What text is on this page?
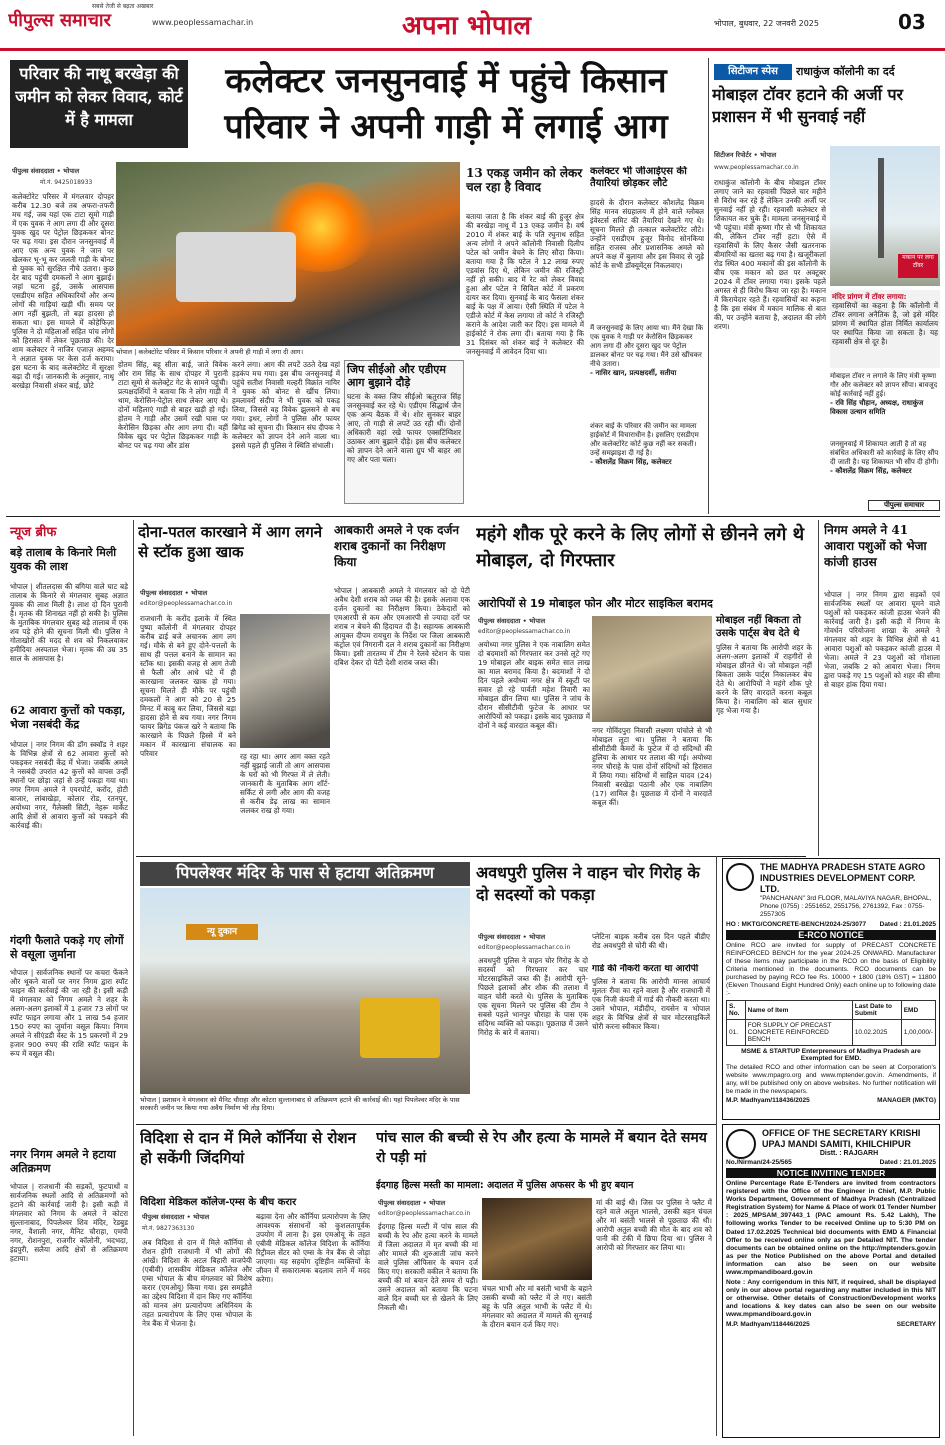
पीपुल्स समाचार
सबसे तेजी से बढ़ता अखबार
www.peoplessamachar.in	अपना भोपाल	भोपाल, बुधवार, 22 जनवरी 2025	03
परिवार की नाथू बरखेड़ा की जमीन को लेकर विवाद, कोर्ट में है मामला
कलेक्टर जनसुनवाई में पहुंचे किसान परिवार ने अपनी गाड़ी में लगाई आग
पीपुल्स संवाददाता • भोपाल
मो.नं. 9425018933
कलेक्टोरेट परिसर में मंगलवार दोपहर करीब 12.30 बजे तब अफरा-तफरी मच गई, जब यहां एक टाटा सूमो गाड़ी में एक युवक ने आग लगा दी और दूसरा युवक खुद पर पेट्रोल छिड़ककर बोनट पर चढ़ गया। इस दौरान जनसुनवाई में आए एक अन्य युवक ने जान पर खेलकर भू-भू कर जलती गाड़ी के बोनट से युवक को सुरक्षित नीचे उतारा। कुछ देर बाद पहुंची दमकलों ने आग बुझाई। जहां घटना हुई, उसके आसपास एसडीएम सहित अधिकारियों और अन्य लोगों की गाड़ियां खड़ी थीं। समय पर आग नहीं बुझती, तो बड़ा हादसा हो सकता था। इस मामले में कोहेफिज़ा पुलिस ने दो महिलाओं सहित पांच लोगों को हिरासत में लेकर पूछताछ की। देर शाम कलेक्टर ने नाजिर एजाज़ अहमद ने अज्ञात युवक पर केस दर्ज कराया। इस घटना के बाद कलेक्टोरेट में सुरक्षा बढ़ा दी गई। जानकारी के अनुसार, नाथू बरखेड़ा निवासी शंकर बाई, छोटे
भोपाल | कलेक्टोरेट परिसर में किसान परिवार ने अपनी ही गाड़ी में लगा दी आग।
होतम सिंह, बहू सीता बाई, जाते विवेक और राम सिंह के साथ दोपहर में पुरानी टाटा सूमो से कलेक्ट्रेट गेट के सामने पहुंची। प्रत्यक्षदर्शियों ने बताया कि ने लोग गाड़ी में थाम, केरोसिन-पेट्रोल साथ लेकर आए थे। दोनों महिलाएं गाड़ी से बाहर खड़ी हो गईं। होतम ने गाड़ी और उसमें रखी घास पर केरोसिन छिड़का और आग लगा दी। वहीं विवेक खुद पर पेट्रोल छिड़ककर गाड़ी के बोनट पर चढ़ गया और डांस
करने लगा। आग की लपटें उठते देख वहां हड़कंप मच गया। इस बीच जनसुनवाई में पहुंचे सतीश निवासी मल्हरी विक्रांत नायिर ने युवक को बोनट से खींच लिया। हमलावरों संदीप ने भी युवक को पकड़ लिया, जिससे वह विवेक झुलसने से बच गया। इधर, लोगों ने पुलिस और फायर ब्रिगेड को सूचना दी। किसान संघ दीपक ने कलेक्टर को ज्ञापन देने आने वाला था। इससे पहले ही पुलिस ने स्थिति संभाली।
जिप सीईओ और एडीएम आग बुझाने दौड़े
घटना के वक्त जिप सीईओ ऋतुराज सिंह जनसुनवाई कर रहे थे। एडीएम सिद्धार्थ जैन एक अन्य बैठक में थे। शोर सुनकर बाहर आए, तो गाड़ी से लपटें उठ रही थीं। दोनों अधिकारी वहां रखे फायर एक्सटिंग्विशर उठाकर आग बुझाने दौड़े। इस बीच कलेक्टर को ज्ञापन देने आने वाला ग्रुप भी बाहर आ गए और पता चला।
13 एकड़ जमीन को लेकर चल रहा है विवाद
बताया जाता है कि शंकर बाई की हुजूर क्षेत्र की बरखेड़ा नाथू में 13 एकड़ जमीन है। वर्ष 2010 में शंकर बाई के पति रघुनाथ सहित अन्य लोगों ने अपने कॉलोनी निवासी दिलीप पटेल को जमीन बेचने के लिए सौदा किया। बताया गया है कि पटेल ने 12 लाख रुपए एडवांस दिए थे, लेकिन जमीन की रजिस्ट्री नहीं हो सकी। बाद में रेट को लेकर विवाद हुआ और पटेल ने सिविल कोर्ट में प्रकरण दायर कर दिया। सुनवाई के बाद फैसला शंकर बाई के पक्ष में आया। ऐसी स्थिति में पटेल ने एडीजे कोर्ट में केस लगाया तो कोर्ट ने रजिस्ट्री कराने के आदेश जारी कर दिए। इस मामले में हाईकोर्ट ने रोक लगा दी। बताया गया है कि 31 दिसंबर को शंकर बाई ने कलेक्टर की जनसुनवाई में आवेदन दिया था।
कलेक्टर भी जीआईएस की तैयारियां छोड़कर लौटे
हादसे के दौरान कलेक्टर कौशलेंद्र विक्रम सिंह मानव संग्रहालय में होने वाले ग्लोबल इंवेस्टर्स समिट की तैयारियां देखने गए थे। सूचना मिलते ही तत्काल कलेक्टोरेट लौटे। उन्होंने एसडीएम हुजूर विनोद सोनकिया सहित राजस्व और प्रशासनिक अमले को अपने कक्ष में बुलाया और इस विवाद से जुड़े कोर्ट के सभी डॉक्यूमेंट्स निकलवाए।
मैं जनसुनवाई के लिए आया था। मैंने देखा कि एक युवक ने गाड़ी पर केरोसिन छिड़ककर आग लगा दी और दूसरा खुद पर पेट्रोल डालकर बोनट पर चढ़ गया। मैंने उसे खींचकर नीचे उतारा।
- नासिर खान, प्रत्यक्षदर्शी, सतीया
शंकर बाई के परिवार की जमीन का मामला हाईकोर्ट में विचाराधीन है। इसलिए एसडीएम और कलेक्टोरेट कोर्ट कुछ नहीं कर सकती। उन्हें समझाइश दी गई है।
- कौशलेंद्र विक्रम सिंह, कलेक्टर
सिटीजन स्पेस	राधाकुंज कॉलोनी का दर्द
मोबाइल टॉवर हटाने की अर्जी पर प्रशासन में भी सुनवाई नहीं
सिटीजन रिपोर्टर • भोपाल
www.peoplessamachar.co.in
राधाकुंज कॉलोनी के बीच मोबाइल टॉवर लगाए जाने का रहवासी पिछले चार महीने से विरोध कर रहे हैं लेकिन उनकी अर्जी पर सुनवाई नहीं हो रही। रहवासी कलेक्टर से शिकायत कर चुके हैं। मामला जनसुनवाई में भी पहुंचा। मंत्री कृष्णा गौर से भी शिकायत की, लेकिन टॉवर नहीं हटा। ऐसे में रहवासियों के लिए कैसर जैसी खतरनाक बीमारियों का खतरा बढ़ गया है। खजूरीकलां रोड स्थित 400 मकानों की इस कॉलोनी के बीच एक मकान को छत पर अक्टूबर 2024 में टॉवर लगाया गया। इसके पहले अगस्त से ही विरोध किया जा रहा है। मकान में किरायेदार रहते हैं। रहवासियों का कहना है कि इस संबंध में मकान मालिक से बात की, पर उन्होंने बताया है, अदालत की लोगे शरण।
मकान पर लगा टॉवर
मंदिर प्रांगण में टॉवर लगाया:
रहवासियों का कहना है कि कॉलोनी में टॉवर लगाना अनैतिक है, जो इसे मंदिर प्रांगण में स्थापित होता निर्मित कार्यालय पर स्थापित किया जा सकता है। यह रहवासी क्षेत्र से दूर है।
मोबाइल टॉवर न लगाने के लिए मंत्री कृष्णा गौर और कलेक्टर को ज्ञापन सौंपा। बावजूद कोई कार्रवाई नहीं हुई।
- रवि सिंह चौहान, अध्यक्ष, राधाकुंज विकास उत्थान समिति
जनसुनवाई में शिकायत आती है तो वह संबंधित अधिकारी को कार्रवाई के लिए सौंप दी जाती है। यह शिकायत भी सौंप दी होगी।
- कौशलेंद्र विक्रम सिंह, कलेक्टर
पीपुल्स समाचार
न्यूज ब्रीफ
बड़े तालाब के किनारे मिली युवक की लाश
भोपाल | शीतलदास की बगिया वाले घाट बड़े तालाब के किनारे से मंगलवार सुबह अज्ञात युवक की लाश मिली है। लाश दो दिन पुरानी है। मृतक की शिनाख्त नहीं हो सकी है। पुलिस के मुताबिक मंगलवार सुबह बड़े तालाब में एक शव पड़े होने की सूचना मिली थी। पुलिस ने गोताखोरों की मदद से शव को निकलवाकर हमीदिया अस्पताल भेजा। मृतक की उम्र 35 साल के आसपास है।
62 आवारा कुत्तों को पकड़ा, भेजा नसबंदी केंद्र
भोपाल | नगर निगम की डॉग स्क्वॉड ने शहर के विभिन्न क्षेत्रों से 62 आवारा कुत्तों को पकड़कर नसबंदी केंद्र में भेजा। जबकि अमले ने नसबंदी उपरांत 42 कुत्तों को वापस उन्हीं स्थानों पर छोड़ा जहां से उन्हें पकड़ा गया था। नगर निगम अमले ने एयरपोर्ट, करोंद, होटी बाजार, लांबाखेड़ा, कोलार रोड, रतनपुर, अयोध्या नगर, गैलेक्सी सिटी, नेहरू मार्केट आदि क्षेत्रों से आवारा कुत्तों को पकड़ने की कार्रवाई की।
गंदगी फैलाते पकड़े गए लोगों से वसूला जुर्माना
भोपाल | सार्वजनिक स्थानों पर कचरा फेंकने और थूकने वालों पर नगर निगम द्वारा स्पॉट फाइन की कार्रवाई की जा रही है। इसी कड़ी में मंगलवार को निगम अमले ने शहर के अलग-अलग इलाकों में 1 हजार 73 लोगों पर स्पॉट फाइन लगाया और 1 लाख 54 हजार 150 रुपए का जुर्माना वसूल किया। निगम अमले ने सीएंडडी वेस्ट के 15 प्रकरणों में 29 हजार 900 रुपए की राशि स्पॉट फाइन के रूप में वसूल की।
नगर निगम अमले ने हटाया अतिक्रमण
भोपाल | राजधानी की सड़कों, फुटपाथों व सार्वजनिक स्थलों आदि से अतिक्रमणों को हटाने की कार्रवाई जारी है। इसी कड़ी में मंगलवार को निगम के अमले ने कोटरा सुल्तानाबाद, पिपलेश्वर शिव मंदिर, रेडबुड नगर, वैशाली नगर, मैनिट चौराहा, एमपी नगर, रोशनपुरा, राजगीर कॉलोनी, भदभदा, इंद्रपुरी, सलैया आदि क्षेत्रों से अतिक्रमण हटाया।
दोना-पतल कारखाने में आग लगने से स्टॉक हुआ खाक
पीपुल्स संवाददाता • भोपाल
editor@peoplessamachar.co.in
राजधानी के करोंद इलाके में स्थित पुष्पा कॉलोनी में मंगलवार दोपहर करीब ढाई बजे अचानक आग लग गई। मौके से बने हुए दोने-पत्तलों के साथ ही पत्तल बनाने के सामान का स्टॉक था। इसकी वजह से आग तेजी से फैली और आधे घंटे में ही कारखाना जलकर खाक हो गया। सूचना मिलते ही मौके पर पहुंची दमकलों ने आग को 20 से 25 मिनट में काबू कर लिया, जिससे बड़ा हादसा होने से बच गया। नगर निगम फायर ब्रिगेड पंकज खरे ने बताया कि कारखाने के पिछले हिस्से में बने मकान में कारखाना संचालक का परिवार	रह रहा था। अगर आग वक्त रहते नहीं बुझाई जाती तो आग आसपास के घरों को भी गिरफ्त में ले लेती। जानकारी के मुताबिक आग शॉर्ट-सर्किट से लगी और आग की वजह से करीब डेढ़ लाख का सामान जलकर राख हो गया।
आबकारी अमले ने एक दर्जन शराब दुकानों का निरीक्षण किया
भोपाल | आबकारी अमले ने मंगलवार को दो पेटी अवैध देशी शराब को जब्त की है। इसके अलावा एक दर्जन दुकानों का निरीक्षण किया। ठेकेदारों को एमआरपी से कम और एमआरपी से ज्यादा दरों पर शराब न बेचने की हिदायत दी है। सहायक आबकारी आयुक्त दीपम रायचुरा के निर्देश पर जिला आबकारी कंट्रोल एवं निगरानी दल ने शराब दुकानों का निरीक्षण किया। इसी तारतम्य में टीम ने रेलवे स्टेशन के पास दबिश देकर दो पेटी देशी शराब जब्त की।
महंगे शौक पूरे करने के लिए लोगों से छीनने लगे थे मोबाइल, दो गिरफ्तार
आरोपियों से 19 मोबाइल फोन और मोटर साइकिल बरामद
पीपुल्स संवाददाता • भोपाल
editor@peoplessamachar.co.in
अयोध्या नगर पुलिस ने एक नाबालिग समेत दो बदमाशों को गिरफ्तार कर उनसे लूटे गए 19 मोबाइल और बाइक समेत सात लाख का माल बरामद किया है। बदमाशों ने दो दिन पहले अयोध्या नगर क्षेत्र में स्कूटी पर सवार हो रहे पार्वती महेश तिवारी का मोबाइल छीन लिया था। पुलिस ने जांच के दौरान सीसीटीवी फुटेज के आधार पर आरोपियों को पकड़ा। इसके बाद पूछताछ में दोनों ने कई वारदात कबूल कीं।
नगर गोविंदपुरा निवासी लक्ष्मण पांचोले से भी मोबाइल लूटा था। पुलिस ने बताया कि सीसीटीवी कैमरों के फुटेज में दो संदिग्धों की हुलिया के आधार पर तलाश की गई। अयोध्या नगर चौराहे के पास दोनों संदिग्धों को हिरासत में लिया गया। संदिग्धों में साहिल यादव (24) निवासी बरखेड़ा पठानी और एक नाबालिग (17) शामिल है। पूछताछ में दोनों ने वारदातें कबूल कीं।
मोबाइल नहीं बिकता तो उसके पार्ट्स बेच देते थे
पुलिस ने बताया कि आरोपी शहर के अलग-अलग इलाकों में राहगीरों से मोबाइल छीनते थे। जो मोबाइल नहीं बिकता उसके पार्ट्स निकालकर बेच देते थे। आरोपियों ने महंगे शौक पूरे करने के लिए वारदातें करना कबूल किया है। नाबालिग को बाल सुधार गृह भेजा गया है।
निगम अमले ने 41 आवारा पशुओं को भेजा कांजी हाउस
भोपाल | नगर निगम द्वारा सड़कों एवं सार्वजनिक स्थलों पर आवारा घूमने वाले पशुओं को पकड़कर कांजी हाउस भेजने की कार्रवाई जारी है। इसी कड़ी में निगम के गोवर्धन परियोजना शाखा के अमले ने मंगलवार को शहर के विभिन्न क्षेत्रों से 41 आवारा पशुओं को पकड़कर कांजी हाउस में भेजा। अमले ने 23 पशुओं को गोशाला भेजा, जबकि 2 को आवारा भेजा। निगम द्वारा पकड़े गए 15 पशुओं को शहर की सीमा से बाहर हांक दिया गया।
पिपलेश्वर मंदिर के पास से हटाया अतिक्रमण
न्यू दुकान
भोपाल | प्रशासन ने मंगलवार को मैनिट चौराहा और कोटरा सुल्तानाबाद से अतिक्रमण हटाने की कार्रवाई की। यहां पिपलेश्वर मंदिर के पास सरकारी जमीन पर किया गया अवैध निर्माण भी तोड़ दिया।
अवधपुरी पुलिस ने वाहन चोर गिरोह के दो सदस्यों को पकड़ा
पीपुल्स संवाददाता • भोपाल
editor@peoplessamachar.co.in
अवधपुरी पुलिस ने वाहन चोर गिरोह के दो सदस्यों को गिरफ्तार कर चार मोटरसाइकिलें जब्त की हैं। आरोपी सूने-पिछले इलाकों और शौक की तलाश में वाहन चोरी करते थे। पुलिस के मुताबिक एक सूचना मिलने पर पुलिस की टीम ने सबसे पहले भानपुर चौराहा के पास एक संदिग्ध व्यक्ति को पकड़ा। पूछताछ में उसने गिरोह के बारे में बताया।
प्लेटिना बाइक करीब दस दिन पहले बीडीए रोड अवधपुरी से चोरी की थी।
गार्ड की नौकरी करता था आरोपी
पुलिस ने बताया कि आरोपी मानस आचार्य मूलतः रीवा का रहने वाला है और राजधानी में एक निजी कंपनी में गार्ड की नौकरी करता था। उसने भोपाल, मंडीदीप, रायसेन व भोपाल शहर के विभिन्न क्षेत्रों से चार मोटरसाइकिलें चोरी करना स्वीकार किया।
विदिशा से दान में मिले कॉर्निया से रोशन हो सकेंगी जिंदगियां
विदिशा मेडिकल कॉलेज-एम्स के बीच करार
पीपुल्स संवाददाता • भोपाल
मो.नं. 9827363130
अब विदिशा से दान में मिले कॉर्निया से रोशन होंगी राजधानी में भी लोगों की आंखें। विदिशा के अटल बिहारी वाजपेयी (एबीवी) शासकीय मेडिकल कॉलेज और एम्स भोपाल के बीच मंगलवार को विशेष करार (एमओयू) किया गया। इस समझौते का उद्देश्य विदिशा में दान किए गए कॉर्निया को मानव अंग प्रत्यारोपण अधिनियम के तहत प्रत्यारोपण के लिए एम्स भोपाल के नेत्र बैंक में भेजना है।
बढ़ावा देना और कॉर्निया प्रत्यारोपण के लिए आवश्यक संसाधनों को कुशलतापूर्वक उपयोग में लाना है। इस एमओयू के तहत एबीवी मेडिकल कॉलेज विदिशा के कॉर्निया रिट्रीवल सेंटर को एम्स के नेत्र बैंक से जोड़ा जाएगा। यह सहयोग दृष्टिहीन व्यक्तियों के जीवन में सकारात्मक बदलाव लाने में मदद करेगा।
पांच साल की बच्ची से रेप और हत्या के मामले में बयान देते समय रो पड़ी मां
ईदगाह हिल्स मस्ती का मामला: अदालत में पुलिस अफसर के भी हुए बयान
पीपुल्स संवाददाता • भोपाल
editor@peoplessamachar.co.in
ईदगाह हिल्स मल्टी में पांच साल की बच्ची के रेप और हत्या करने के मामले में जिला अदालत में मृत बच्ची की मां और मामले की शुरुआती जांच करने वाले पुलिस ऑफिसर के बयान दर्ज किए गए। सरकारी वकील ने बताया कि बच्ची की मां बयान देते समय रो पड़ी। उसने अदालत को बताया कि घटना वाले दिन बच्ची घर से खेलने के लिए निकली थी।
चंचल भाभी और मां बसंती भाभी के बहाने उसकी बच्ची को फ्लैट में ले गए। बसंती बहू के पति अतुल भाभी के फ्लैट में थे। मंगलवार को अदालत में मामले की सुनवाई के दौरान बयान दर्ज किए गए।
मां की बाई थी। जिस पर पुलिस ने फ्लैट में रहने वाले अतुल भालसे, उसकी बहन चंचल और मां बसंती भालसे से पूछताछ की थी। आरोपी अतुल बच्ची की मौत के बाद शव को पानी की टंकी में छिपा दिया था। पुलिस ने आरोपी को गिरफ्तार कर लिया था।
THE MADHYA PRADESH STATE AGRO INDUSTRIES DEVELOPMENT CORP. LTD.
"PANCHANAN" 3rd FLOOR, MALAVIYA NAGAR, BHOPAL, Phone (0755) : 2551652, 2551756, 2761392, Fax : 0755-2557305
HO : MKTG/CONCRETE-BENCH/2024-25/3077 Dated : 21.01.2025
E-RCO NOTICE
Online RCO are invited for supply of PRECAST CONCRETE REINFORCED BENCH for the year 2024-25 ONWARD. Manufacturer of these items may participate in the RCO on the basis of Eligibility Criteria mentioned in the documents. RCO documents can be purchased by paying RCO fee Rs. 10000 + 1800 (18% GST) = 11800 (Eleven Thousand Eight Hundred Only) each online up to following date :-
S. No.	Name of Item	Last Date to Submit	EMD
01.	FOR SUPPLY OF PRECAST CONCRETE REINFORCED BENCH	10.02.2025	1,00,000/-
MSME & STARTUP Enterpreneurs of Madhya Pradesh are Exempted for EMD.
The detailed RCO and other information can be seen at Corporation's website www.mpagro.org and www.mptender.gov.in. Amendments, if any, will be published only on above websites. No further notification will be made in the newspapers.
M.P. Madhyam/118436/2025	MANAGER (MKTG)
OFFICE OF THE SECRETARY KRISHI UPAJ MANDI SAMITI, KHILCHIPUR
Distt. : RAJGARH
No./Nirman/24-25/565	Dated : 21.01.2025
NOTICE INVITING TENDER
Online Percentage Rate E-Tenders are invited from contractors registered with the Office of the Engineer in Chief, M.P. Public Works Department, Government of Madhya Pradesh (Centralized Registration System) for Name & Place of work 01 Tender Number : 2025_MPSAM_397443_1 (PAC amount Rs. 5.42 Lakh), The following works Tender to be received Online up to 5:30 PM on Dated 17.02.2025 Technical bid documents with EMD & Financial Offer to be received online only as per Detailed NIT. The tender documents can be obtained online on the http://mptenders.gov.in as per the Notice Published on the above Portal and detailed information can also be seen on our website www.mpmandiboard.gov.in
Note : Any corrigendum in this NIT, if required, shall be displayed only in our above portal regarding any matter included in this NIT or otherwise. Other details of Construction/Development works and locations & key dates can also be seen on our website www.mpmandiboard.gov.in
M.P. Madhyam/118446/2025	SECRETARY
